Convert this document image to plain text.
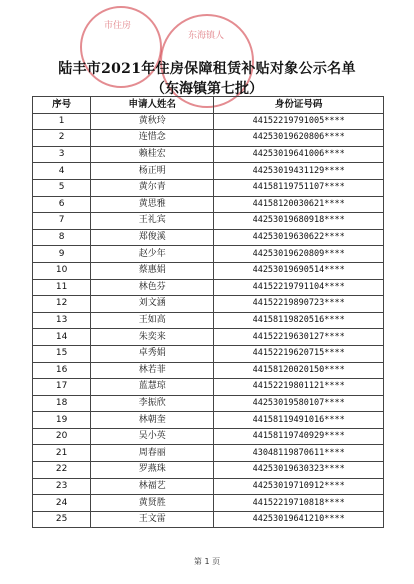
市住房
东海镇人
陆丰市2021年住房保障租赁补贴对象公示名单
（东海镇第七批）
序号	申请人姓名	身份证号码
1	黄秋玲	44152219791005****
2	连惜念	44253019620806****
3	赖桂宏	44253019641006****
4	杨正明	44253019431129****
5	黄尔青	44158119751107****
6	黄思雅	44158120030621****
7	王礼宾	44253019680918****
8	郑俊溪	44253019630622****
9	赵少年	44253019620809****
10	蔡惠娟	44253019690514****
11	林色芬	44152219791104****
12	刘文涵	44152219890723****
13	王如高	44158119820516****
14	朱奕来	44152219630127****
15	卓秀娟	44152219620715****
16	林若菲	44158120020150****
17	蓝慧琼	44152219801121****
18	李振欣	44253019580107****
19	林朝奎	44158119491016****
20	吴小英	44158119740929****
21	周春丽	43048119870611****
22	罗燕珠	44253019630323****
23	林福艺	44253019710912****
24	黄贤胜	44152219710818****
25	王文雷	44253019641210****
第 1 页
